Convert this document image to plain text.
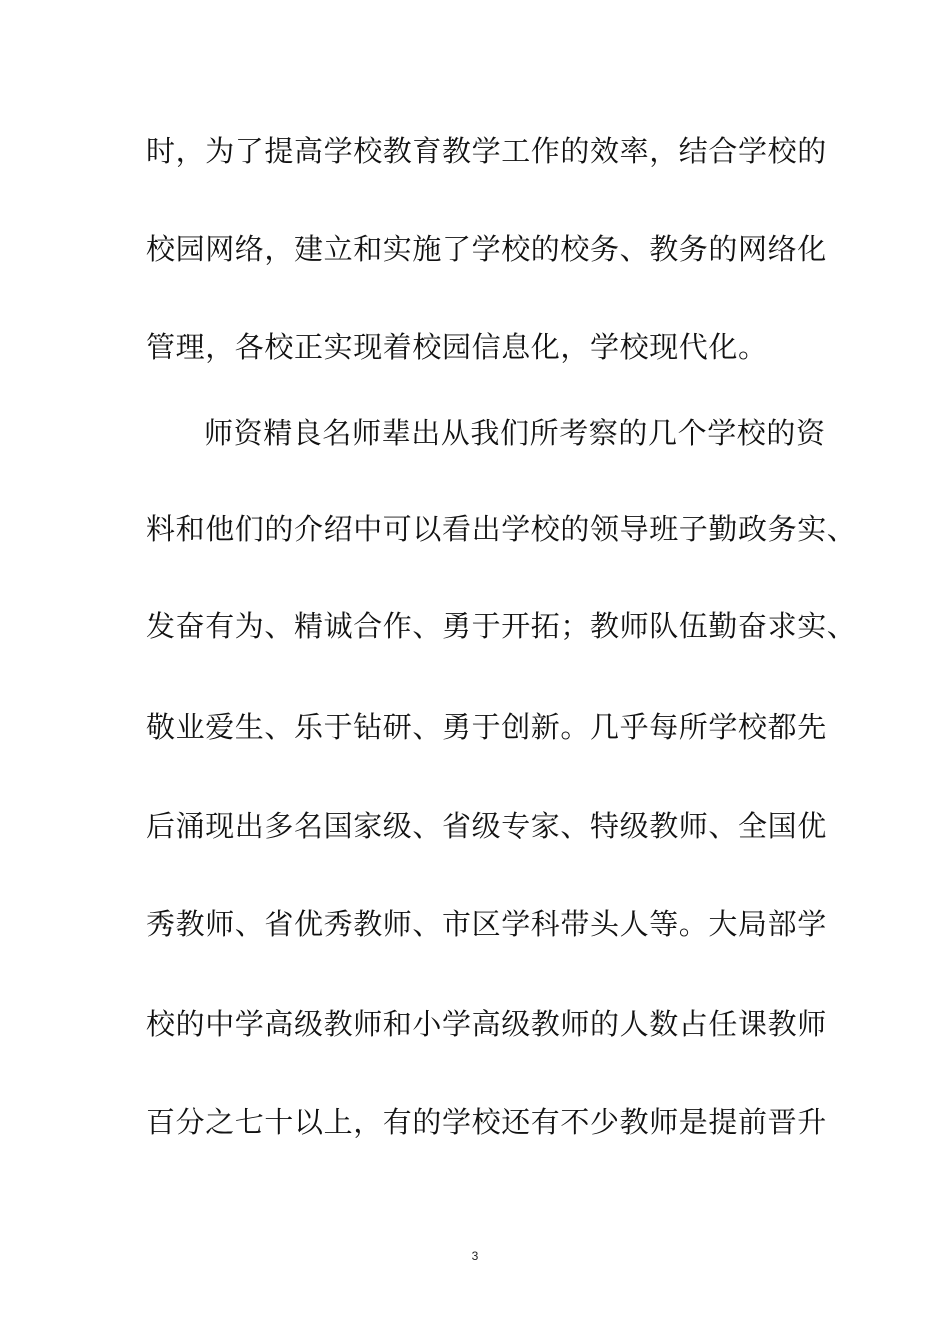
时，为了提高学校教育教学工作的效率，结合学校的

校园网络，建立和实施了学校的校务、教务的网络化

管理，各校正实现着校园信息化，学校现代化。

师资精良名师辈出从我们所考察的几个学校的资

料和他们的介绍中可以看出学校的领导班子勤政务实、

发奋有为、精诚合作、勇于开拓；教师队伍勤奋求实、

敬业爱生、乐于钻研、勇于创新。几乎每所学校都先

后涌现出多名国家级、省级专家、特级教师、全国优

秀教师、省优秀教师、市区学科带头人等。大局部学

校的中学高级教师和小学高级教师的人数占任课教师

百分之七十以上，有的学校还有不少教师是提前晋升

3
